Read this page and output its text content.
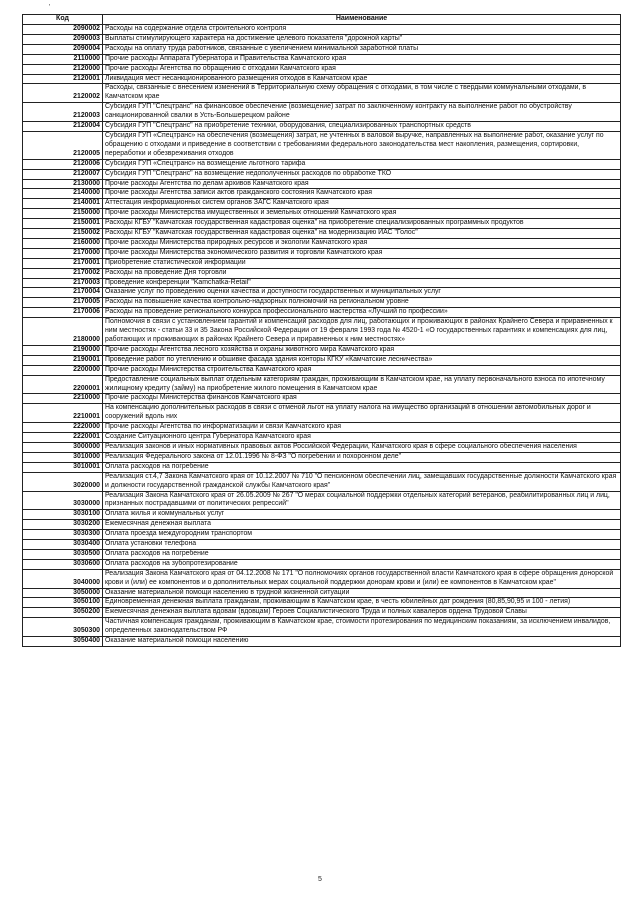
'
Код	Наименование
2090002	Расходы на содержание отдела строительного контроля
2090003	Выплаты стимулирующего характера на достижение целевого показателя "дорожной карты"
2090004	Расходы на оплату труда работников, связанные с увеличением минимальной заработной платы
2110000	Прочие расходы Аппарата Губернатора и Правительства Камчатского края
2120000	Прочие расходы Агентства по обращению с отходами Камчатского края
2120001	Ликвидация мест несанкционированного размещения отходов в Камчатском крае
2120002	Расходы, связанные с внесением изменений в Территориальную схему обращения с отходами, в том числе с твердыми коммунальными отходами, в Камчатском крае
2120003	Субсидия ГУП "Спецтранс" на финансовое обеспечение (возмещение) затрат по заключенному контракту на выполнение работ по обустройству санкционированной свалки в Усть-Большерецком районе
2120004	Субсидия ГУП "Спецтранс" на приобретение техники, оборудования, специализированных транспортных средств
2120005	Субсидия ГУП «Спецтранс» на обеспечения (возмещения) затрат, не учтенных в валовой выручке, направленных на выполнение работ, оказание услуг по обращению с отходами и приведение в соответствии с требованиями федерального законодательства мест накопления, размещения, сортировки, переработки и обезвреживания отходов
2120006	Субсидия ГУП «Спецтранс» на возмещение льготного тарифа
2120007	Субсидия ГУП "Спецтранс" на возмещение недополученных расходов по обработке ТКО
2130000	Прочие расходы Агентства по делам архивов Камчатского края
2140000	Прочие расходы Агентства записи актов гражданского состояния Камчатского края
2140001	Аттестация информационных систем органов ЗАГС Камчатского края
2150000	Прочие расходы Министерства имущественных и земельных отношений Камчатского края
2150001	Расходы КГБУ "Камчатская государственная кадастровая оценка" на приобретение специализированных программных продуктов
2150002	Расходы КГБУ "Камчатская государственная кадастровая оценка" на модернизацию ИАС "Голос"
2160000	Прочие расходы Министерства природных ресурсов и экологии Камчатского края
2170000	Прочие расходы Министерства экономического развития и торговли Камчатского края
2170001	Приобретение статистической информации
2170002	Расходы на проведение Дня торговли
2170003	Проведение конференции "Kamchatka-Retail"
2170004	Оказание услуг по проведению оценки качества и доступности государственных и муниципальных услуг
2170005	Расходы на повышение качества контрольно-надзорных полномочий на региональном уровне
2170006	Расходы на проведение регионального конкурса профессионального мастерства «Лучший по профессии»
2180000	Полномочия в связи с установлением гарантий и компенсаций расходов для лиц, работающих и проживающих в районах Крайнего Севера и приравненных к ним местностях - статьи 33 и 35 Закона Российской Федерации от 19 февраля 1993 года № 4520-1 «О государственных гарантиях и компенсациях для лиц, работающих и проживающих в районах Крайнего Севера и приравненных к ним местностях»
2190000	Прочие расходы Агентства лесного хозяйства и охраны животного мира Камчатского края
2190001	Проведение работ по утеплению и обшивке фасада здания конторы КГКУ «Камчатские лесничества»
2200000	Прочие расходы Министерства строительства Камчатского края
2200001	Предоставление социальных выплат отдельным категориям граждан, проживающим в Камчатском крае, на уплату первоначального взноса по ипотечному жилищному кредиту (займу) на приобретение жилого помещения в Камчатском крае
2210000	Прочие расходы Министерства финансов Камчатского края
2210001	На компенсацию дополнительных расходов в связи с отменой льгот на уплату налога на имущество организаций в отношении автомобильных дорог и сооружений вдоль них
2220000	Прочие расходы Агентства по информатизации и связи Камчатского края
2220001	Создание Ситуационного центра Губернатора Камчатского края
3000000	Реализация законов и иных нормативных правовых актов Российской Федерации, Камчатского края в сфере социального обеспечения населения
3010000	Реализация Федерального закона от 12.01.1996 № 8-ФЗ "О погребении и похоронном деле"
3010001	Оплата расходов на погребение
3020000	Реализация ст.4,7 Закона Камчатского края от 10.12.2007 № 710 "О пенсионном обеспечении лиц, замещавших государственные должности Камчатского края и должности государственной гражданской службы Камчатского края"
3030000	Реализация Закона Камчатского края от 26.05.2009 № 267 "О мерах социальной поддержки отдельных категорий ветеранов, реабилитированных лиц и лиц, признанных пострадавшими от политических репрессий"
3030100	Оплата жилья и коммунальных услуг
3030200	Ежемесячная денежная выплата
3030300	Оплата проезда междугородним транспортом
3030400	Оплата установки телефона
3030500	Оплата расходов на погребение
3030600	Оплата расходов на зубопротезирование
3040000	Реализация Закона Камчатского края от 04.12.2008 № 171 "О полномочиях органов государственной власти Камчатского края в сфере обращения донорской крови и (или) ее компонентов и о дополнительных мерах социальной поддержки донорам крови и (или) ее компонентов в Камчатском крае"
3050000	Оказание материальной помощи населению в трудной жизненной ситуации
3050100	Единовременная денежная выплата гражданам, проживающим в Камчатском крае, в честь юбилейных дат рождения (80,85,90,95 и 100 - летия)
3050200	Ежемесячная денежная выплата вдовам (вдовцам) Героев Социалистического Труда и полных кавалеров ордена Трудовой Славы
3050300	Частичная компенсация гражданам, проживающим в Камчатском крае, стоимости протезирования по медицинским показаниям, за исключением инвалидов, определенных законодательством РФ
3050400	Оказание материальной помощи населению
5
